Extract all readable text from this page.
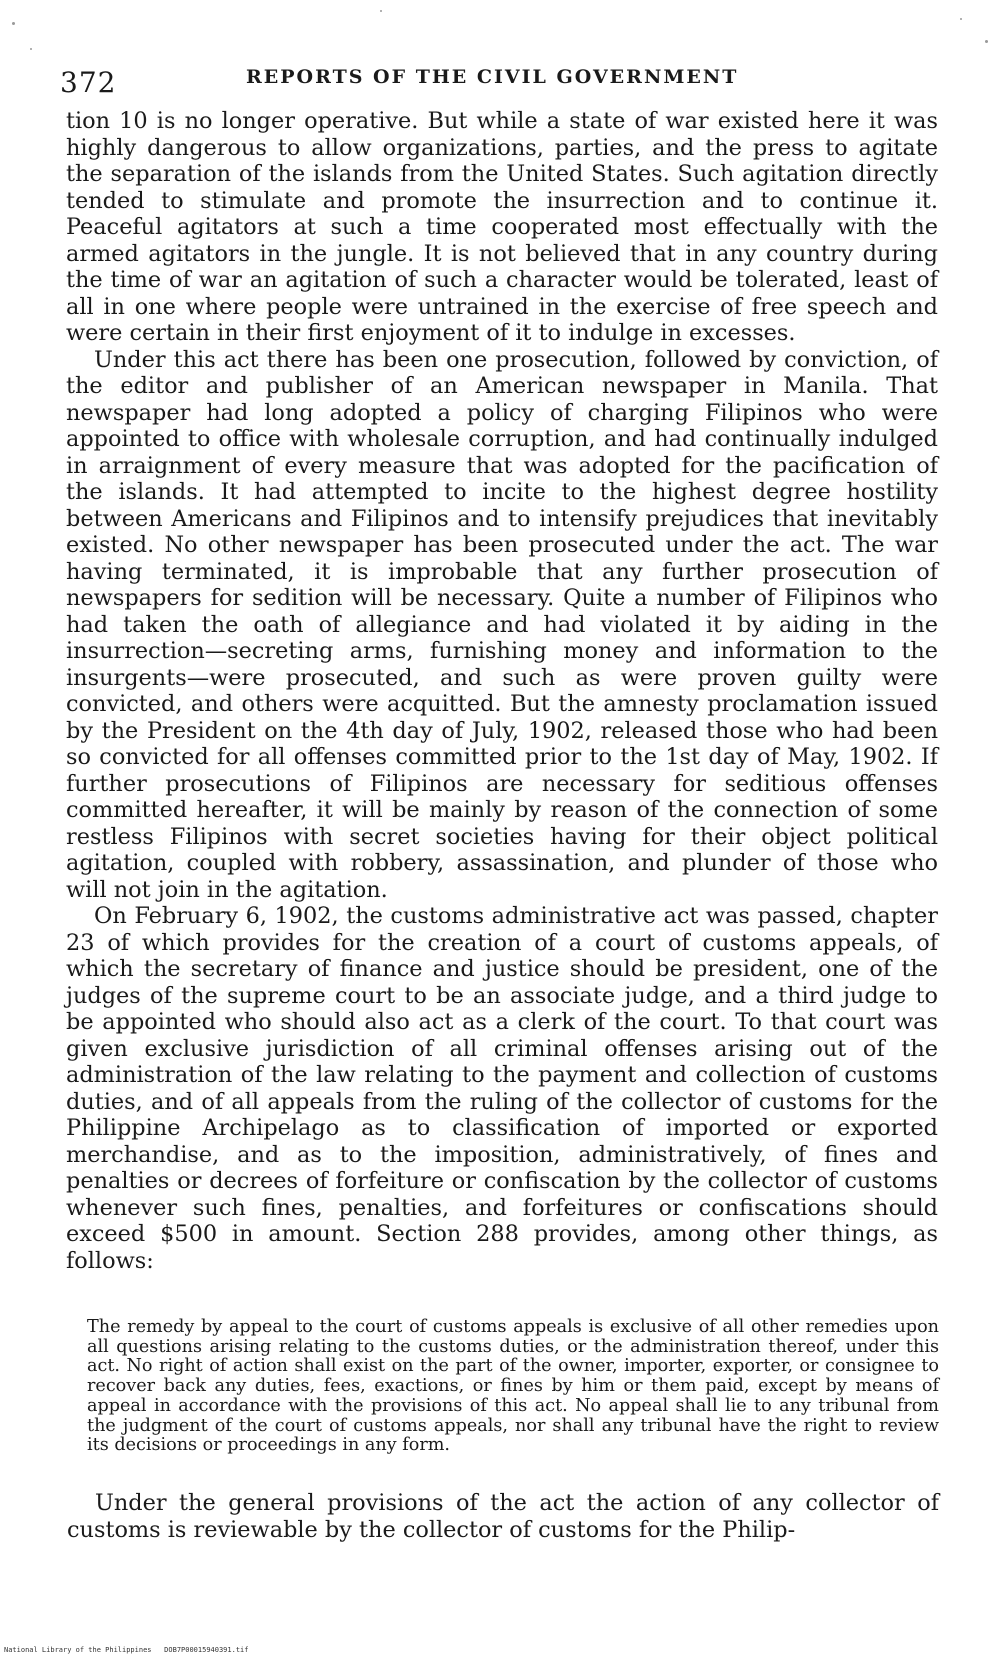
372	REPORTS OF THE CIVIL GOVERNMENT

tion 10 is no longer operative. But while a state of war existed here it was highly dangerous to allow organizations, parties, and the press to agitate the separation of the islands from the United States. Such agitation directly tended to stimulate and promote the insurrection and to continue it. Peaceful agitators at such a time cooperated most effectually with the armed agitators in the jungle. It is not believed that in any country during the time of war an agitation of such a character would be tolerated, least of all in one where people were untrained in the exercise of free speech and were certain in their first enjoyment of it to indulge in excesses.

Under this act there has been one prosecution, followed by conviction, of the editor and publisher of an American newspaper in Manila. That newspaper had long adopted a policy of charging Filipinos who were appointed to office with wholesale corruption, and had continually indulged in arraignment of every measure that was adopted for the pacification of the islands. It had attempted to incite to the highest degree hostility between Americans and Filipinos and to intensify prejudices that inevitably existed. No other newspaper has been prosecuted under the act. The war having terminated, it is improbable that any further prosecution of newspapers for sedition will be necessary. Quite a number of Filipinos who had taken the oath of allegiance and had violated it by aiding in the insurrection—secreting arms, furnishing money and information to the insurgents—were prosecuted, and such as were proven guilty were convicted, and others were acquitted. But the amnesty proclamation issued by the President on the 4th day of July, 1902, released those who had been so convicted for all offenses committed prior to the 1st day of May, 1902. If further prosecutions of Filipinos are necessary for seditious offenses committed hereafter, it will be mainly by reason of the connection of some restless Filipinos with secret societies having for their object political agitation, coupled with robbery, assassination, and plunder of those who will not join in the agitation.

On February 6, 1902, the customs administrative act was passed, chapter 23 of which provides for the creation of a court of customs appeals, of which the secretary of finance and justice should be president, one of the judges of the supreme court to be an associate judge, and a third judge to be appointed who should also act as a clerk of the court. To that court was given exclusive jurisdiction of all criminal offenses arising out of the administration of the law relating to the payment and collection of customs duties, and of all appeals from the ruling of the collector of customs for the Philippine Archipelago as to classification of imported or exported merchandise, and as to the imposition, administratively, of fines and penalties or decrees of forfeiture or confiscation by the collector of customs whenever such fines, penalties, and forfeitures or confiscations should exceed $500 in amount. Section 288 provides, among other things, as follows:

The remedy by appeal to the court of customs appeals is exclusive of all other remedies upon all questions arising relating to the customs duties, or the administration thereof, under this act. No right of action shall exist on the part of the owner, importer, exporter, or consignee to recover back any duties, fees, exactions, or fines by him or them paid, except by means of appeal in accordance with the provisions of this act. No appeal shall lie to any tribunal from the judgment of the court of customs appeals, nor shall any tribunal have the right to review its decisions or proceedings in any form.

Under the general provisions of the act the action of any collector of customs is reviewable by the collector of customs for the Philip-

National Library of the Philippines DOB7P00015940391.tif
